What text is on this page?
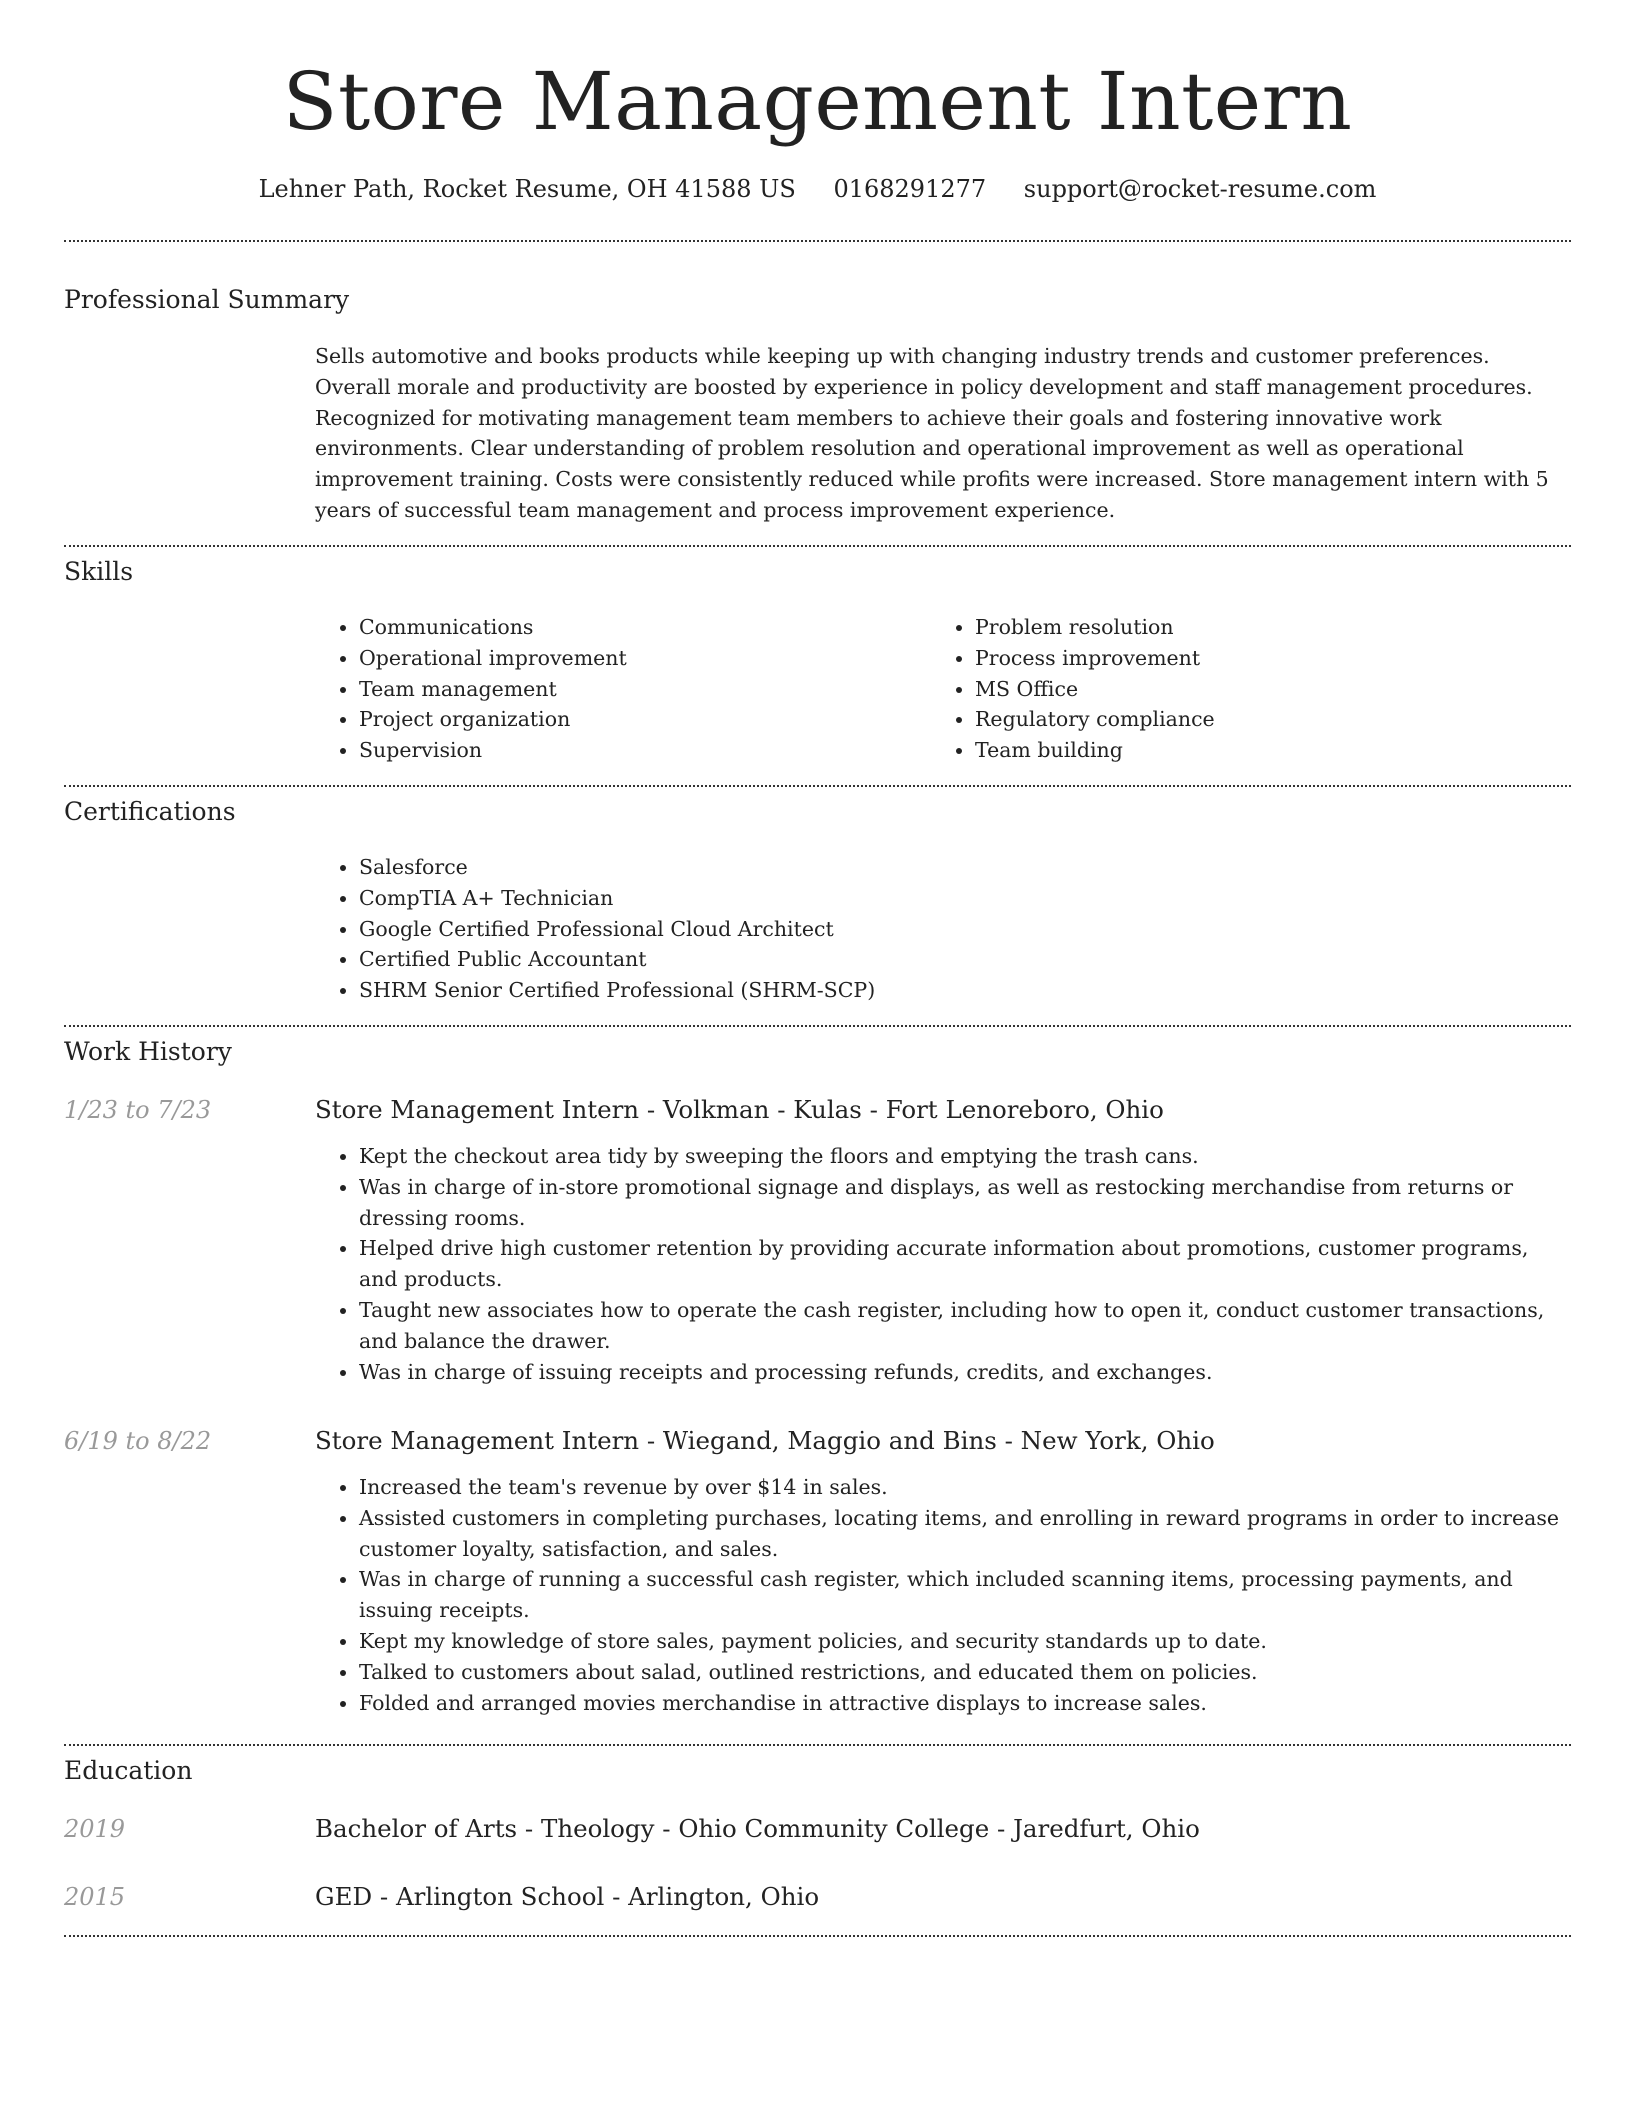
Store Management Intern
Lehner Path, Rocket Resume, OH 41588 US 0168291277 support@rocket-resume.com
Professional Summary

Sells automotive and books products while keeping up with changing industry trends and customer preferences. Overall morale and productivity are boosted by experience in policy development and staff management procedures. Recognized for motivating management team members to achieve their goals and fostering innovative work environments. Clear understanding of problem resolution and operational improvement as well as operational improvement training. Costs were consistently reduced while profits were increased. Store management intern with 5 years of successful team management and process improvement experience.

Skills
• Communications
• Operational improvement
• Team management
• Project organization
• Supervision
• Problem resolution
• Process improvement
• MS Office
• Regulatory compliance
• Team building
Certifications
• Salesforce
• CompTIA A+ Technician
• Google Certified Professional Cloud Architect
• Certified Public Accountant
• SHRM Senior Certified Professional (SHRM-SCP)
Work History
1/23 to 7/23	Store Management Intern - Volkman - Kulas - Fort Lenoreboro, Ohio

• Kept the checkout area tidy by sweeping the floors and emptying the trash cans.
• Was in charge of in-store promotional signage and displays, as well as restocking merchandise from returns or dressing rooms.
• Helped drive high customer retention by providing accurate information about promotions, customer programs, and products.
• Taught new associates how to operate the cash register, including how to open it, conduct customer transactions, and balance the drawer.
• Was in charge of issuing receipts and processing refunds, credits, and exchanges.
6/19 to 8/22	Store Management Intern - Wiegand, Maggio and Bins - New York, Ohio

• Increased the team's revenue by over $14 in sales.
• Assisted customers in completing purchases, locating items, and enrolling in reward programs in order to increase customer loyalty, satisfaction, and sales.
• Was in charge of running a successful cash register, which included scanning items, processing payments, and issuing receipts.
• Kept my knowledge of store sales, payment policies, and security standards up to date.
• Talked to customers about salad, outlined restrictions, and educated them on policies.
• Folded and arranged movies merchandise in attractive displays to increase sales.
Education
2019	Bachelor of Arts - Theology - Ohio Community College - Jaredfurt, Ohio

2015	GED - Arlington School - Arlington, Ohio
